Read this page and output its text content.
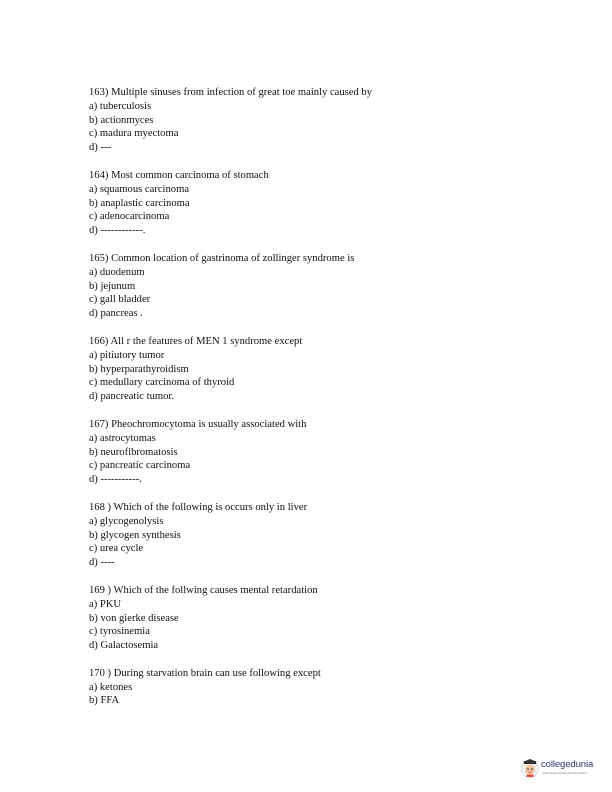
163) Multiple sinuses from infection of great toe mainly caused by
a) tuberculosis
b) actionmyces
c) madura myectoma
d) ---
164) Most common carcinoma of stomach
a) squamous carcinoma
b) anaplastic carcinoma
c) adenocarcinoma
d) ------------.
165) Common location of gastrinoma of zollinger syndrome is
a) duodenum
b) jejunum
c) gall bladder
d) pancreas .
166) All r the features of MEN 1 syndrome except
a) pitiutory tumor
b) hyperparathyroidism
c) medullary carcinoma of thyroid
d) pancreatic tumor.
167) Pheochromocytoma is usually associated with
a) astrocytomas
b) neurofibromatosis
c) pancreatic carcinoma
d) -----------.
168 ) Which of the following is occurs only in liver
a) glycogenolysis
b) glycogen synthesis
c) urea cycle
d) ----
169 ) Which of the follwing causes mental retardation
a) PKU
b) von gierke disease
c) tyrosinemia
d) Galactosemia
170 ) During starvation brain can use following except
a) ketones
b) FFA
collegedunia
India's largest Student Review Platform
